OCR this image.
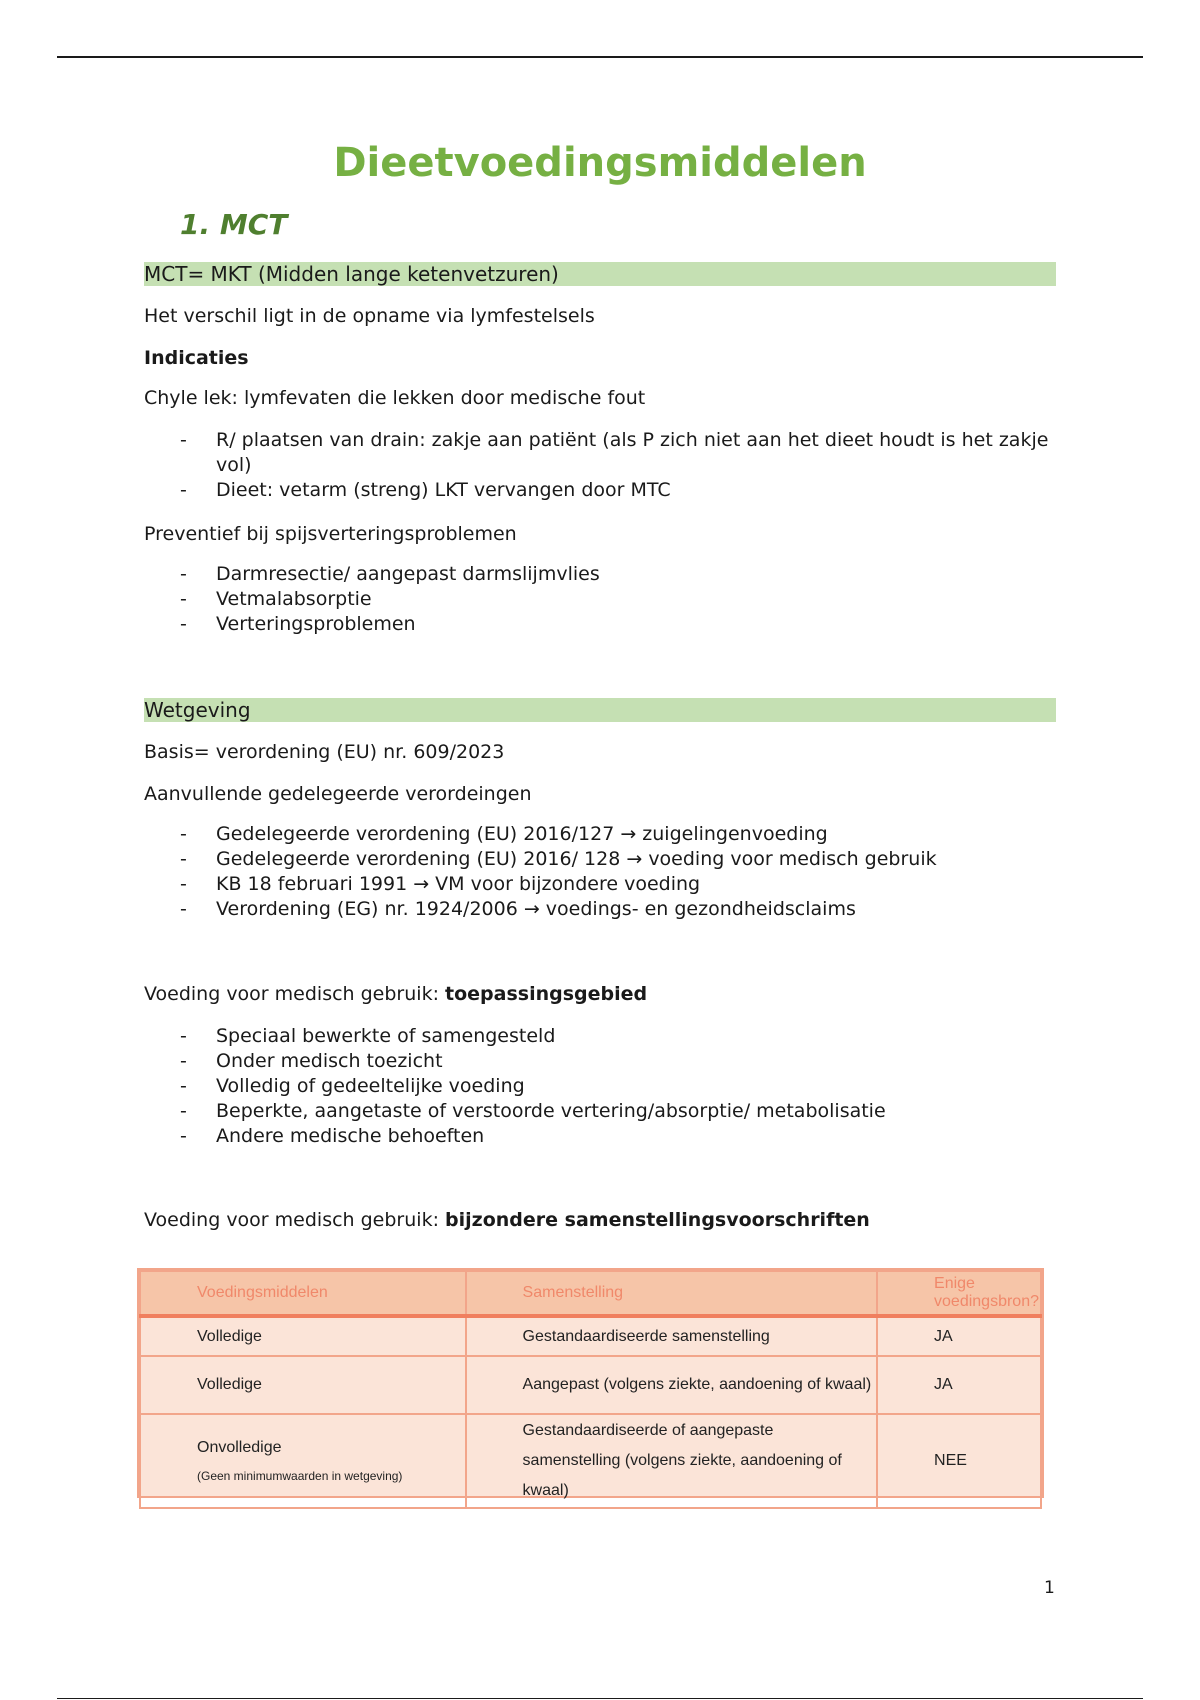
Dieetvoedingsmiddelen
1. MCT
MCT= MKT (Midden lange ketenvetzuren)
Het verschil ligt in de opname via lymfestelsels
Indicaties
Chyle lek: lymfevaten die lekken door medische fout
- R/ plaatsen van drain: zakje aan patiënt (als P zich niet aan het dieet houdt is het zakje vol)
- Dieet: vetarm (streng) LKT vervangen door MTC
Preventief bij spijsverteringsproblemen
- Darmresectie/ aangepast darmslijmvlies
- Vetmalabsorptie
- Verteringsproblemen
Wetgeving
Basis= verordening (EU) nr. 609/2023
Aanvullende gedelegeerde verordeingen
- Gedelegeerde verordening (EU) 2016/127 → zuigelingenvoeding
- Gedelegeerde verordening (EU) 2016/ 128 → voeding voor medisch gebruik
- KB 18 februari 1991 → VM voor bijzondere voeding
- Verordening (EG) nr. 1924/2006 → voedings- en gezondheidsclaims
Voeding voor medisch gebruik: toepassingsgebied
- Speciaal bewerkte of samengesteld
- Onder medisch toezicht
- Volledig of gedeeltelijke voeding
- Beperkte, aangetaste of verstoorde vertering/absorptie/ metabolisatie
- Andere medische behoeften
Voeding voor medisch gebruik: bijzondere samenstellingsvoorschriften
Voedingsmiddelen	Samenstelling	Enige voedingsbron?
Volledige	Gestandaardiseerde samenstelling	JA
Volledige	Aangepast (volgens ziekte, aandoening of kwaal)	JA
Onvolledige
(Geen minimumwaarden in wetgeving)	Gestandaardiseerde of aangepaste samenstelling (volgens ziekte, aandoening of kwaal)	NEE
1
